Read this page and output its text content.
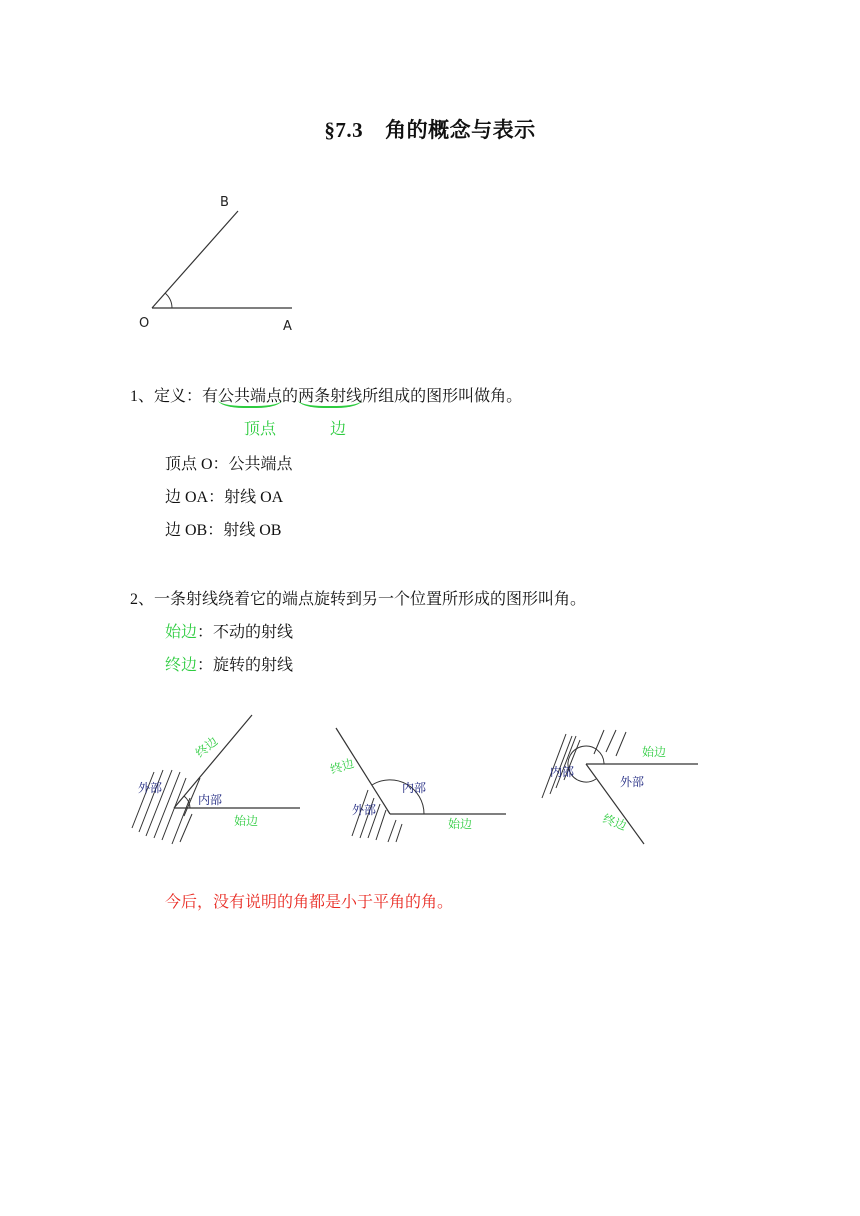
§7.3 角的概念与表示
B
O	A
1、定义：有公共端点的两条射线所组成的图形叫做角。
顶点	边
顶点 O：公共端点
边 OA：射线 OA
边 OB：射线 OB
2、一条射线绕着它的端点旋转到另一个位置所形成的图形叫角。
始边：不动的射线
终边：旋转的射线
外部
内部
终边
始边
终边
内部
外部
始边
内部
始边
外部
终边
今后，没有说明的角都是小于平角的角。
